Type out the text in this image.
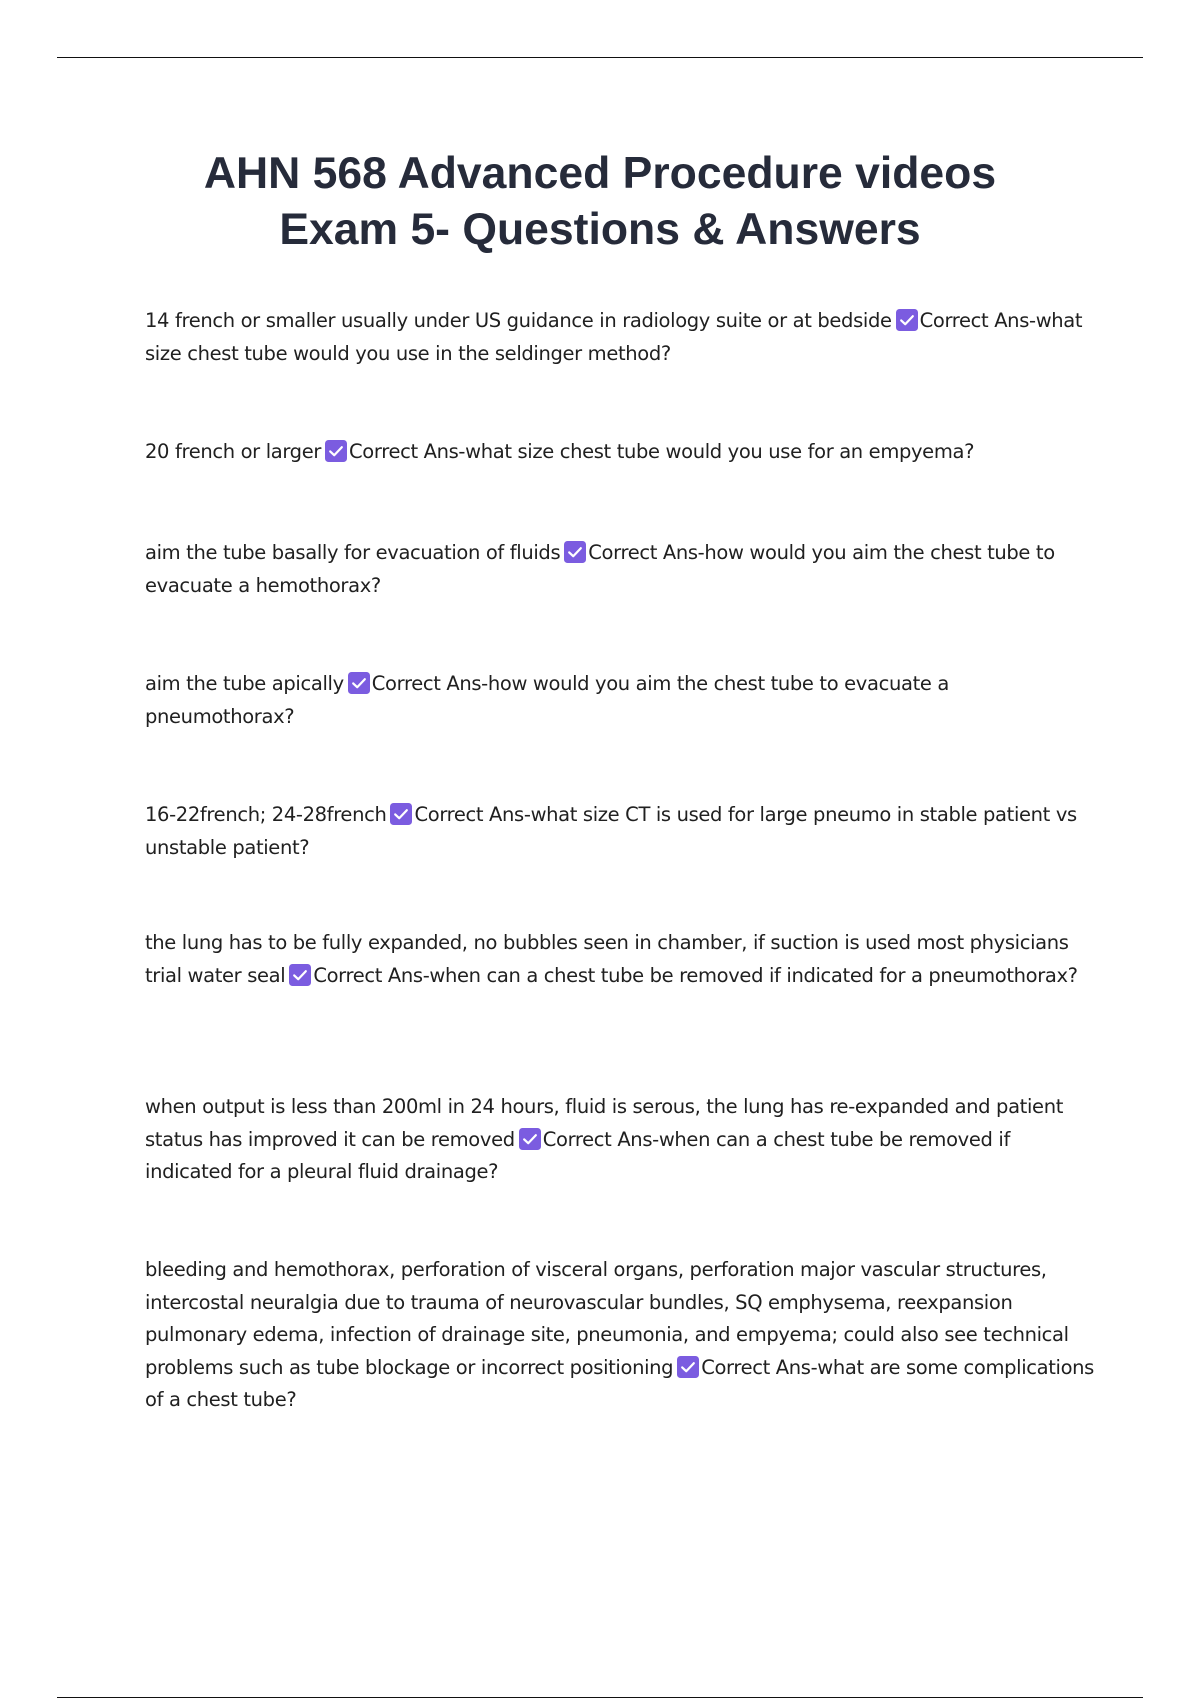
AHN 568 Advanced Procedure videos
Exam 5- Questions & Answers

14 french or smaller usually under US guidance in radiology suite or at bedside Correct Ans-what size chest tube would you use in the seldinger method?

20 french or larger Correct Ans-what size chest tube would you use for an empyema?

aim the tube basally for evacuation of fluids Correct Ans-how would you aim the chest tube to evacuate a hemothorax?

aim the tube apically Correct Ans-how would you aim the chest tube to evacuate a pneumothorax?

16-22french; 24-28french Correct Ans-what size CT is used for large pneumo in stable patient vs unstable patient?

the lung has to be fully expanded, no bubbles seen in chamber, if suction is used most physicians trial water seal Correct Ans-when can a chest tube be removed if indicated for a pneumothorax?

when output is less than 200ml in 24 hours, fluid is serous, the lung has re-expanded and patient status has improved it can be removed Correct Ans-when can a chest tube be removed if indicated for a pleural fluid drainage?

bleeding and hemothorax, perforation of visceral organs, perforation major vascular structures, intercostal neuralgia due to trauma of neurovascular bundles, SQ emphysema, reexpansion pulmonary edema, infection of drainage site, pneumonia, and empyema; could also see technical problems such as tube blockage or incorrect positioning Correct Ans-what are some complications of a chest tube?
